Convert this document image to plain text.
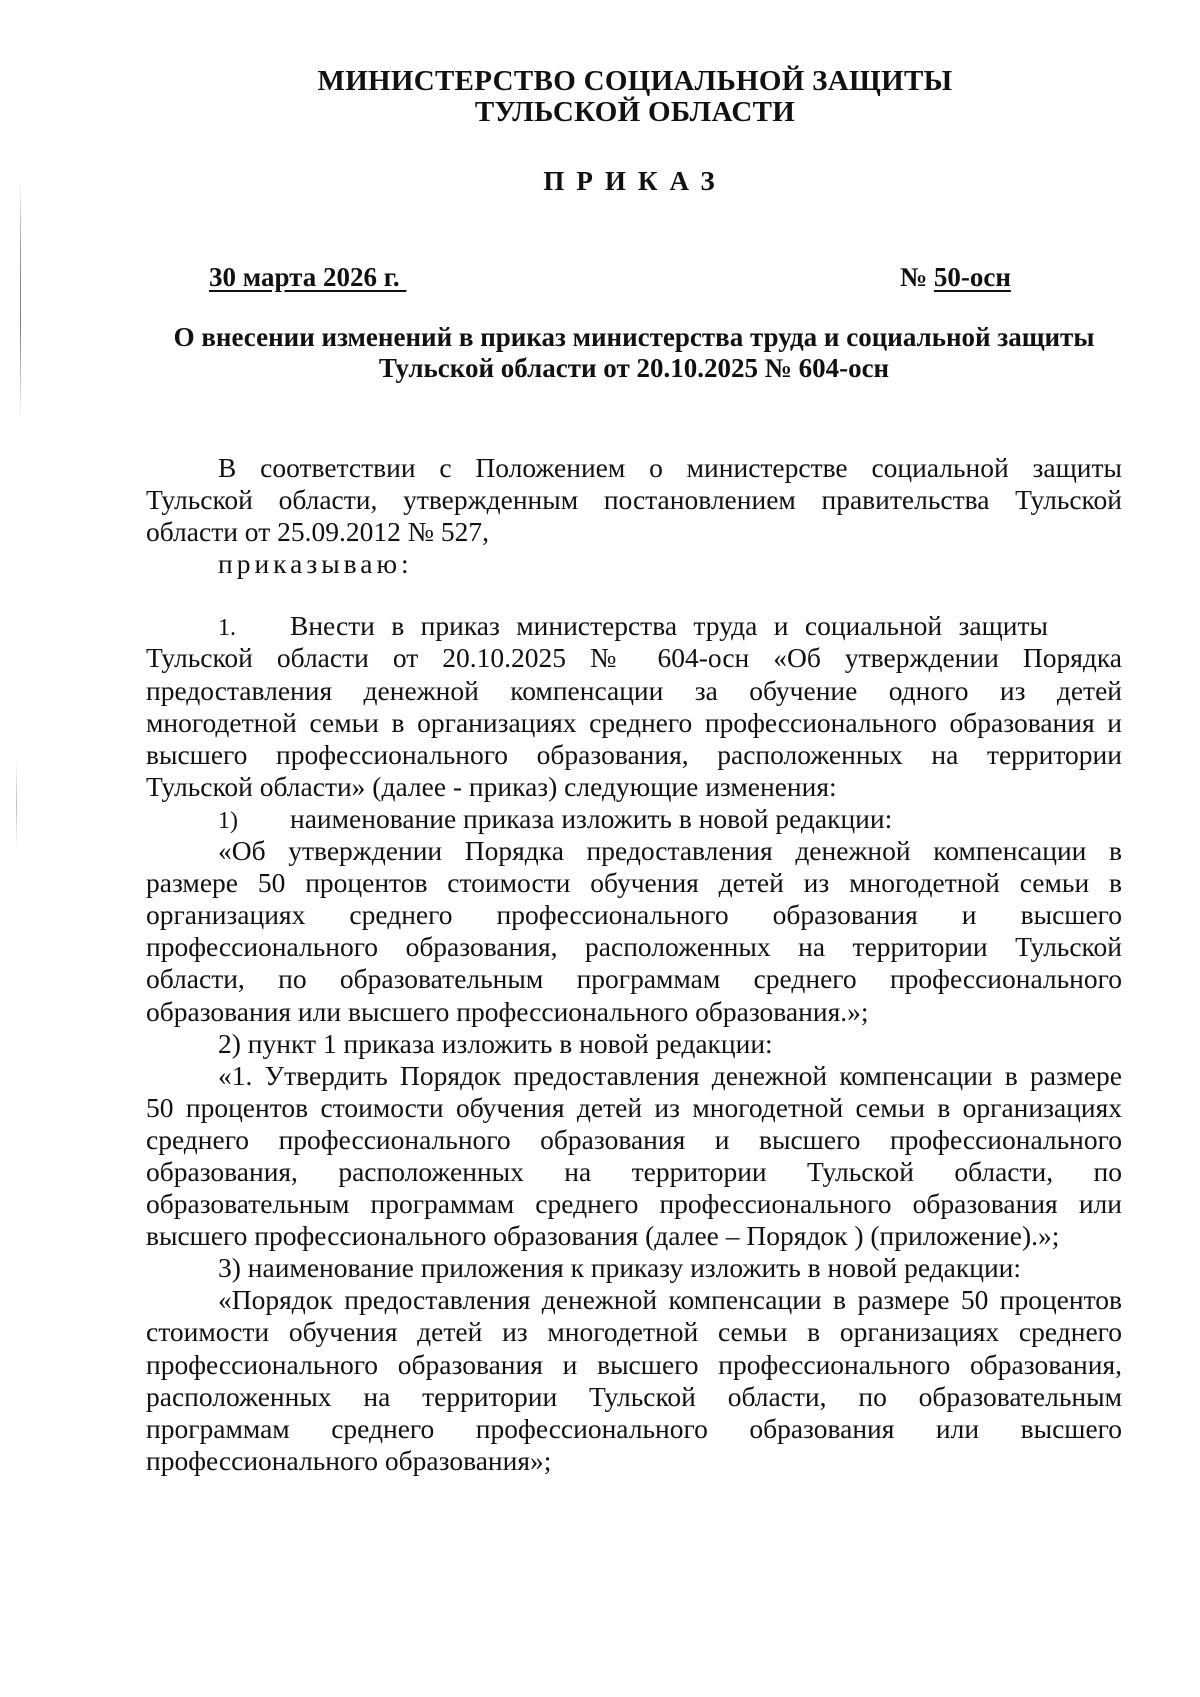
МИНИСТЕРСТВО СОЦИАЛЬНОЙ ЗАЩИТЫ
ТУЛЬСКОЙ ОБЛАСТИ
ПРИКАЗ
30 марта 2026 г.	№ 50-осн
О внесении изменений в приказ министерства труда и социальной защиты
Тульской области от 20.10.2025 № 604-осн
В соответствии с Положением о министерстве социальной защиты
Тульской области, утвержденным постановлением правительства Тульской
области от 25.09.2012 № 527,
приказываю:
1. Внести в приказ министерства труда и социальной защиты
Тульской области от 20.10.2025 № 604-осн «Об утверждении Порядка
предоставления денежной компенсации за обучение одного из детей
многодетной семьи в организациях среднего профессионального образования и
высшего профессионального образования, расположенных на территории
Тульской области» (далее - приказ) следующие изменения:
1) наименование приказа изложить в новой редакции:
«Об утверждении Порядка предоставления денежной компенсации в
размере 50 процентов стоимости обучения детей из многодетной семьи в
организациях среднего профессионального образования и высшего
профессионального образования, расположенных на территории Тульской
области, по образовательным программам среднего профессионального
образования или высшего профессионального образования.»;
2) пункт 1 приказа изложить в новой редакции:
«1. Утвердить Порядок предоставления денежной компенсации в размере
50 процентов стоимости обучения детей из многодетной семьи в организациях
среднего профессионального образования и высшего профессионального
образования, расположенных на территории Тульской области, по
образовательным программам среднего профессионального образования или
высшего профессионального образования (далее – Порядок ) (приложение).»;
3) наименование приложения к приказу изложить в новой редакции:
«Порядок предоставления денежной компенсации в размере 50 процентов
стоимости обучения детей из многодетной семьи в организациях среднего
профессионального образования и высшего профессионального образования,
расположенных на территории Тульской области, по образовательным
программам среднего профессионального образования или высшего
профессионального образования»;
